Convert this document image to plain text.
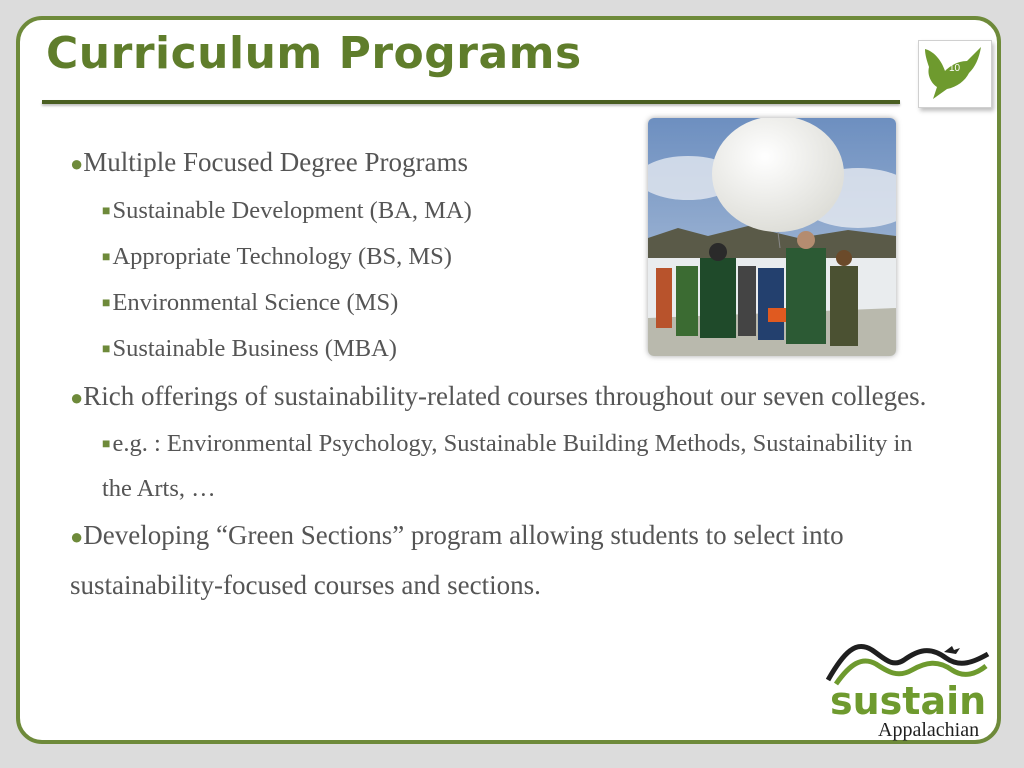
Curriculum Programs	10

●Multiple Focused Degree Programs

■Sustainable Development (BA, MA)

■Appropriate Technology (BS, MS)

■Environmental Science (MS)

■Sustainable Business (MBA)

●Rich offerings of sustainability-related courses throughout our seven colleges.

■e.g. : Environmental Psychology, Sustainable Building Methods, Sustainability in the Arts, …

●Developing “Green Sections” program allowing students to select into sustainability-focused courses and sections.

sustain
Appalachian
